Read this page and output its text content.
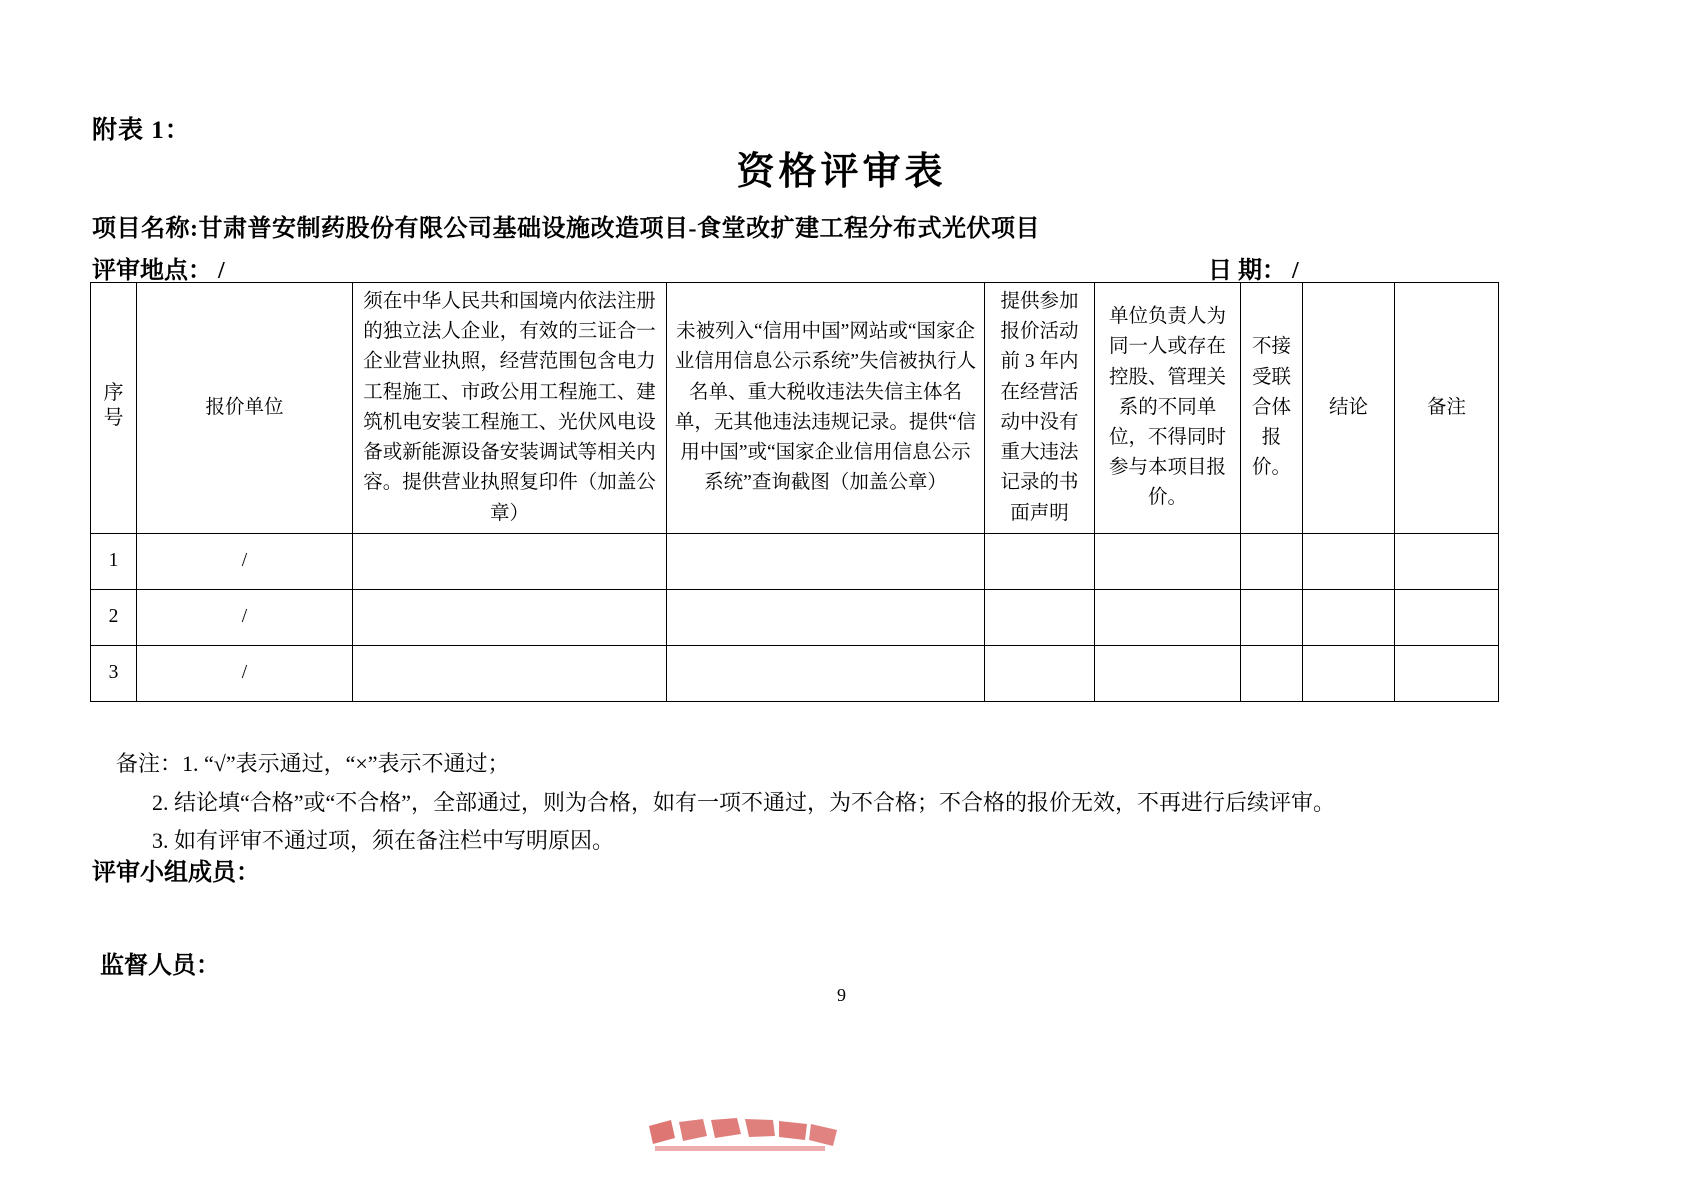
附表 1：
资格评审表
项目名称:甘肃普安制药股份有限公司基础设施改造项目-食堂改扩建工程分布式光伏项目
评审地点： /	日 期： /
序号	报价单位	须在中华人民共和国境内依法注册的独立法人企业，有效的三证合一企业营业执照，经营范围包含电力工程施工、市政公用工程施工、建筑机电安装工程施工、光伏风电设备或新能源设备安装调试等相关内容。提供营业执照复印件（加盖公章）	未被列入“信用中国”网站或“国家企业信用信息公示系统”失信被执行人名单、重大税收违法失信主体名单，无其他违法违规记录。提供“信用中国”或“国家企业信用信息公示系统”查询截图（加盖公章）	提供参加报价活动前 3 年内在经营活动中没有重大违法记录的书面声明	单位负责人为同一人或存在控股、管理关系的不同单位，不得同时参与本项目报价。	不接受联合体报价。	结论	备注
1	/							
2	/							
3	/							
备注：1. “√”表示通过，“×”表示不通过；
2. 结论填“合格”或“不合格”，全部通过，则为合格，如有一项不通过，为不合格；不合格的报价无效，不再进行后续评审。
3. 如有评审不通过项，须在备注栏中写明原因。
评审小组成员：
监督人员：
9
